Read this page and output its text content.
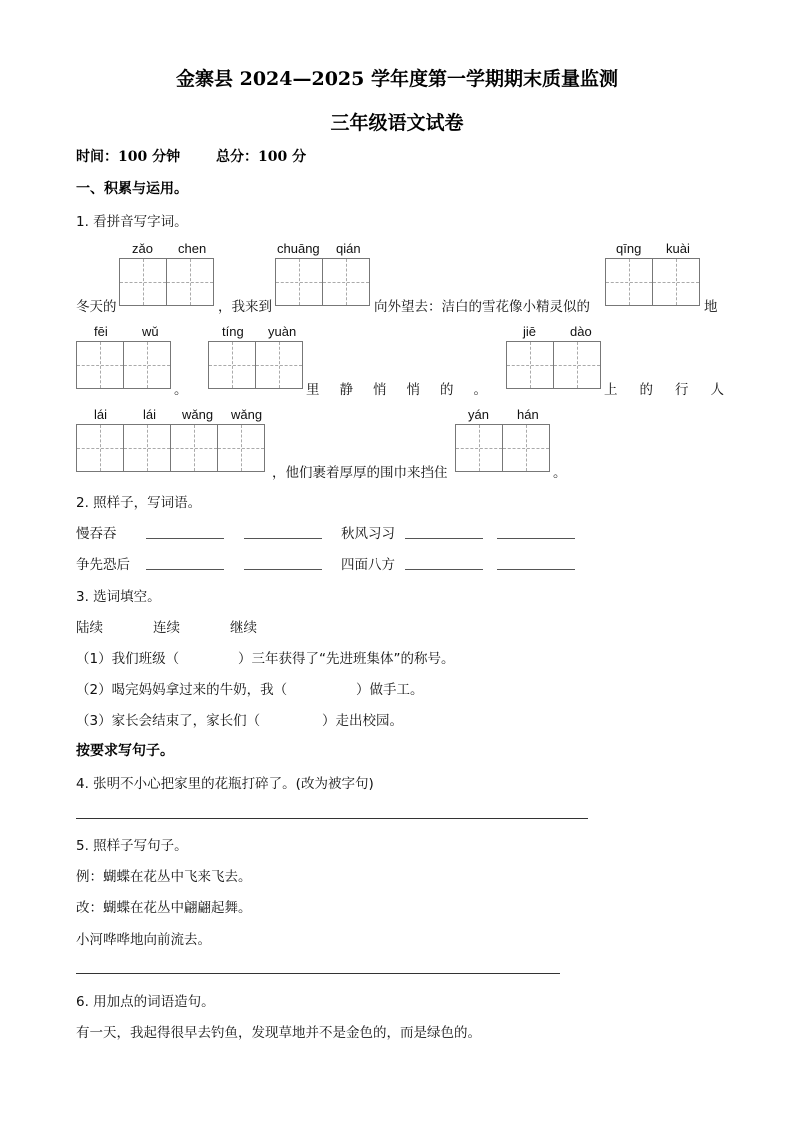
金寨县 2024—2025 学年度第一学期期末质量监测
三年级语文试卷
时间：100 分钟	总分：100 分
一、积累与运用。
1. 看拼音写字词。
zǎo chen	chuāng qián	qīng kuài
冬天的	，我来到	向外望去：洁白的雪花像小精灵似的	地
fēi	wǔ	tíng yuàn	jiē	dào
。	里静悄悄的。	上的行人
lái	lái wǎng wǎng	yán hán
，他们裹着厚厚的围巾来挡住	。
2. 照样子，写词语。
慢吞吞	秋风习习
争先恐后	四面八方
3. 选词填空。
陆续	连续	继续
（1）我们班级（	）三年获得了“先进班集体”的称号。
（2）喝完妈妈拿过来的牛奶，我（	）做手工。
（3）家长会结束了，家长们（	）走出校园。
按要求写句子。
4. 张明不小心把家里的花瓶打碎了。(改为被字句)
5. 照样子写句子。
例：蝴蝶在花丛中飞来飞去。
改：蝴蝶在花丛中翩翩起舞。
小河哗哗地向前流去。
6. 用加点的词语造句。
有一天，我起得很早去钓鱼，发现草地并不是金色的，而是绿色的。
